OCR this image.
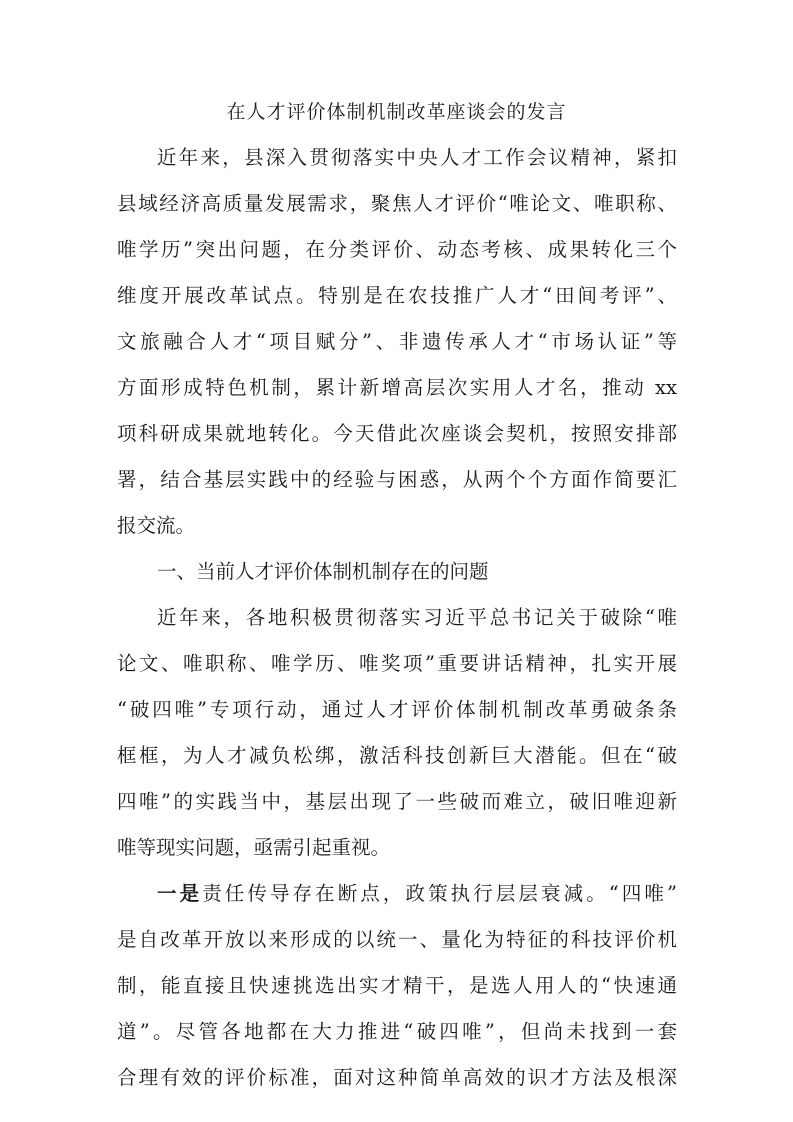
在人才评价体制机制改革座谈会的发言
近年来，县深入贯彻落实中央人才工作会议精神，紧扣
县域经济高质量发展需求，聚焦人才评价“唯论文、唯职称、
唯学历”突出问题，在分类评价、动态考核、成果转化三个
维度开展改革试点。特别是在农技推广人才“田间考评”、
文旅融合人才“项目赋分”、非遗传承人才“市场认证”等
方面形成特色机制，累计新增高层次实用人才名，推动 xx
项科研成果就地转化。今天借此次座谈会契机，按照安排部
署，结合基层实践中的经验与困惑，从两个个方面作简要汇
报交流。
一、当前人才评价体制机制存在的问题
近年来，各地积极贯彻落实习近平总书记关于破除“唯
论文、唯职称、唯学历、唯奖项”重要讲话精神，扎实开展
“破四唯”专项行动，通过人才评价体制机制改革勇破条条
框框，为人才减负松绑，激活科技创新巨大潜能。但在“破
四唯”的实践当中，基层出现了一些破而难立，破旧唯迎新
唯等现实问题，亟需引起重视。
一是责任传导存在断点，政策执行层层衰减。“四唯”
是自改革开放以来形成的以统一、量化为特征的科技评价机
制，能直接且快速挑选出实才精干，是选人用人的“快速通
道”。尽管各地都在大力推进“破四唯”，但尚未找到一套
合理有效的评价标准，面对这种简单高效的识才方法及根深
